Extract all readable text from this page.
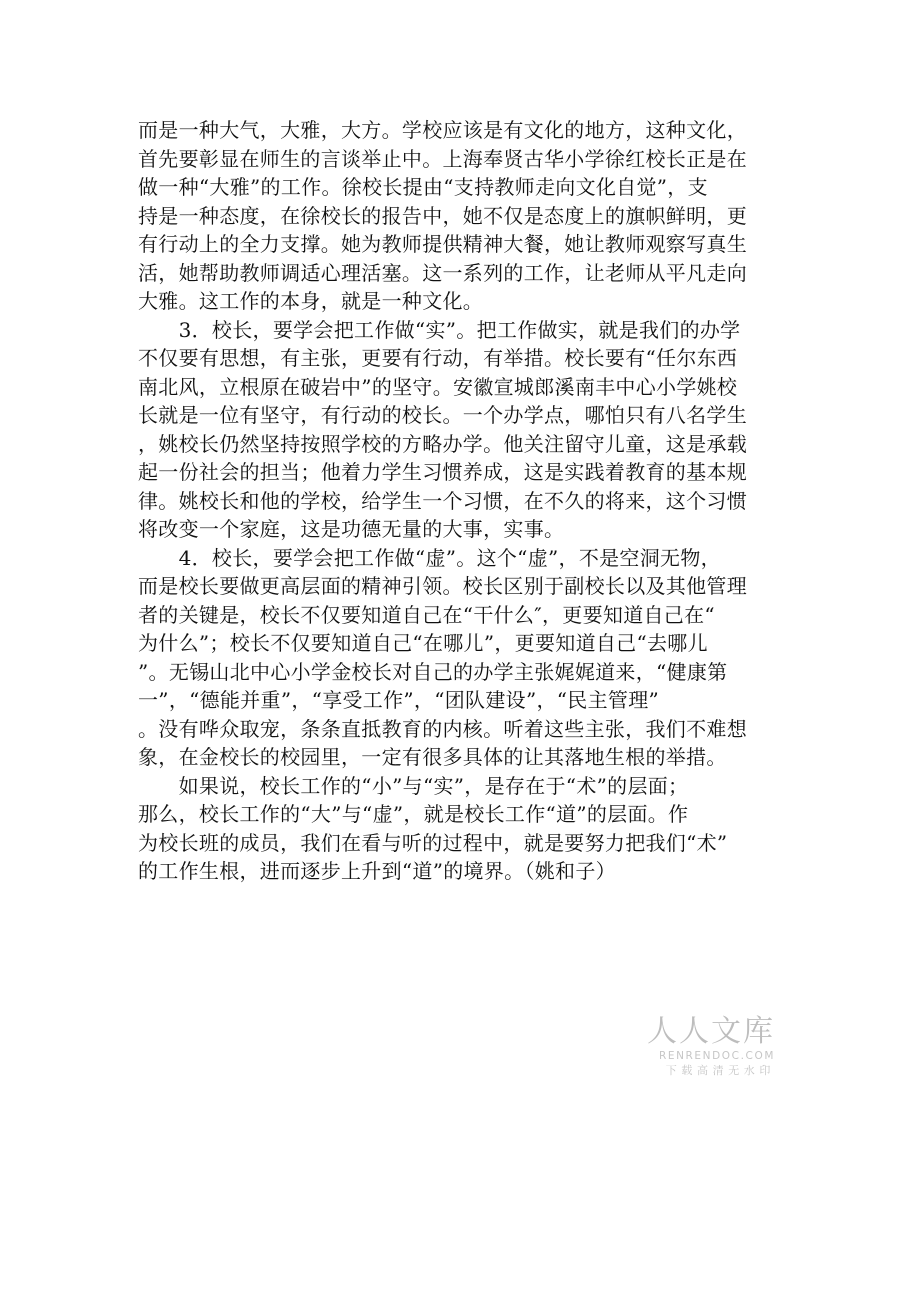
而是一种大气，大雅，大方。学校应该是有文化的地方，这种文化，
首先要彰显在师生的言谈举止中。上海奉贤古华小学徐红校长正是在
做一种“大雅”的工作。徐校长提由“支持教师走向文化自觉”，支
持是一种态度，在徐校长的报告中，她不仅是态度上的旗帜鲜明，更
有行动上的全力支撑。她为教师提供精神大餐，她让教师观察写真生
活，她帮助教师调适心理活塞。这一系列的工作，让老师从平凡走向
大雅。这工作的本身，就是一种文化。
　　3．校长，要学会把工作做“实”。把工作做实，就是我们的办学
不仅要有思想，有主张，更要有行动，有举措。校长要有“任尔东西
南北风，立根原在破岩中”的坚守。安徽宣城郎溪南丰中心小学姚校
长就是一位有坚守，有行动的校长。一个办学点，哪怕只有八名学生
，姚校长仍然坚持按照学校的方略办学。他关注留守儿童，这是承载
起一份社会的担当；他着力学生习惯养成，这是实践着教育的基本规
律。姚校长和他的学校，给学生一个习惯，在不久的将来，这个习惯
将改变一个家庭，这是功德无量的大事，实事。
　　4．校长，要学会把工作做“虚”。这个“虚”，不是空洞无物，
而是校长要做更高层面的精神引领。校长区别于副校长以及其他管理
者的关键是，校长不仅要知道自己在“干什么″，更要知道自己在“
为什么”；校长不仅要知道自己“在哪儿”，更要知道自己“去哪儿
”。无锡山北中心小学金校长对自己的办学主张娓娓道来，“健康第
一”，“德能并重”，“享受工作”，“团队建设”，“民主管理”
。没有哗众取宠，条条直抵教育的内核。听着这些主张，我们不难想
象，在金校长的校园里，一定有很多具体的让其落地生根的举措。
　　如果说，校长工作的“小”与“实”，是存在于“术”的层面；
那么，校长工作的“大”与“虚”，就是校长工作“道”的层面。作
为校长班的成员，我们在看与听的过程中，就是要努力把我们“术”
的工作生根，进而逐步上升到“道”的境界。（姚和子）
人人文库
RENRENDOC.COM
下载高清无水印
